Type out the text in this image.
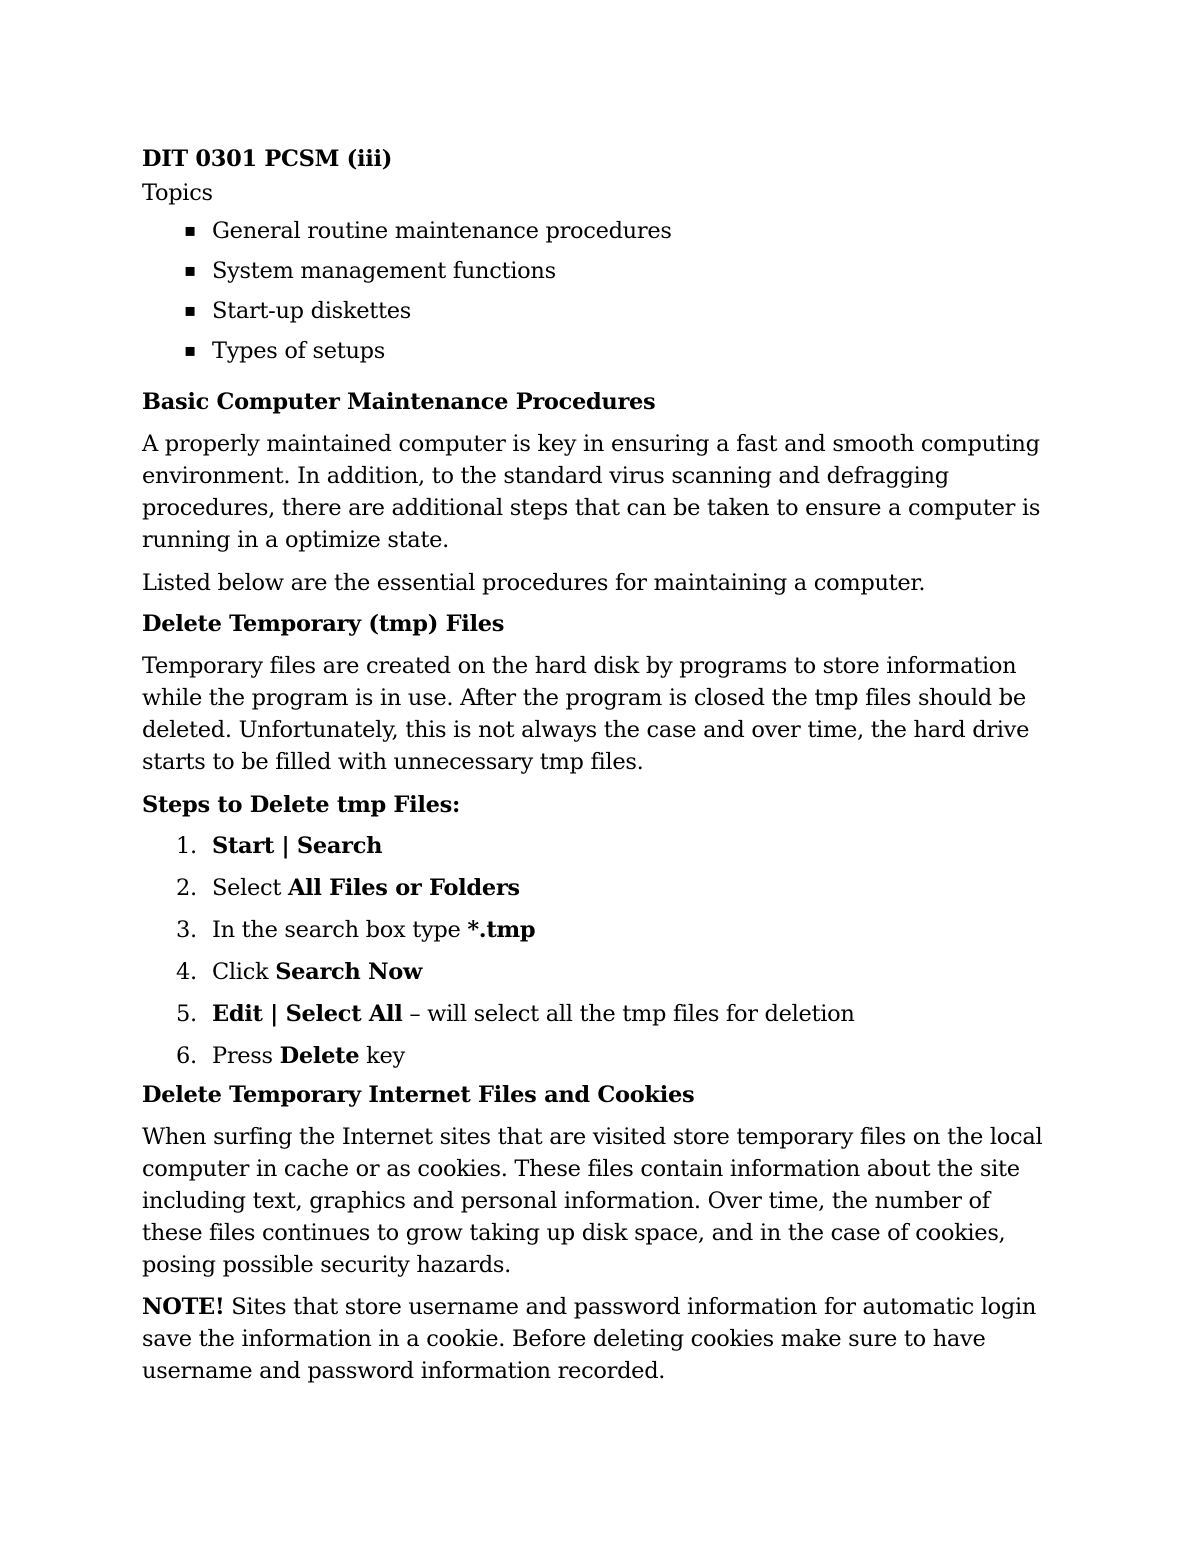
DIT 0301 PCSM (iii)

Topics

▪ General routine maintenance procedures
▪ System management functions
▪ Start-up diskettes
▪ Types of setups

Basic Computer Maintenance Procedures

A properly maintained computer is key in ensuring a fast and smooth computing
environment. In addition, to the standard virus scanning and defragging
procedures, there are additional steps that can be taken to ensure a computer is
running in a optimize state.

Listed below are the essential procedures for maintaining a computer.

Delete Temporary (tmp) Files

Temporary files are created on the hard disk by programs to store information
while the program is in use. After the program is closed the tmp files should be
deleted. Unfortunately, this is not always the case and over time, the hard drive
starts to be filled with unnecessary tmp files.

Steps to Delete tmp Files:

1. Start | Search
2. Select All Files or Folders
3. In the search box type *.tmp
4. Click Search Now
5. Edit | Select All – will select all the tmp files for deletion
6. Press Delete key

Delete Temporary Internet Files and Cookies

When surfing the Internet sites that are visited store temporary files on the local
computer in cache or as cookies. These files contain information about the site
including text, graphics and personal information. Over time, the number of
these files continues to grow taking up disk space, and in the case of cookies,
posing possible security hazards.

NOTE! Sites that store username and password information for automatic login
save the information in a cookie. Before deleting cookies make sure to have
username and password information recorded.
